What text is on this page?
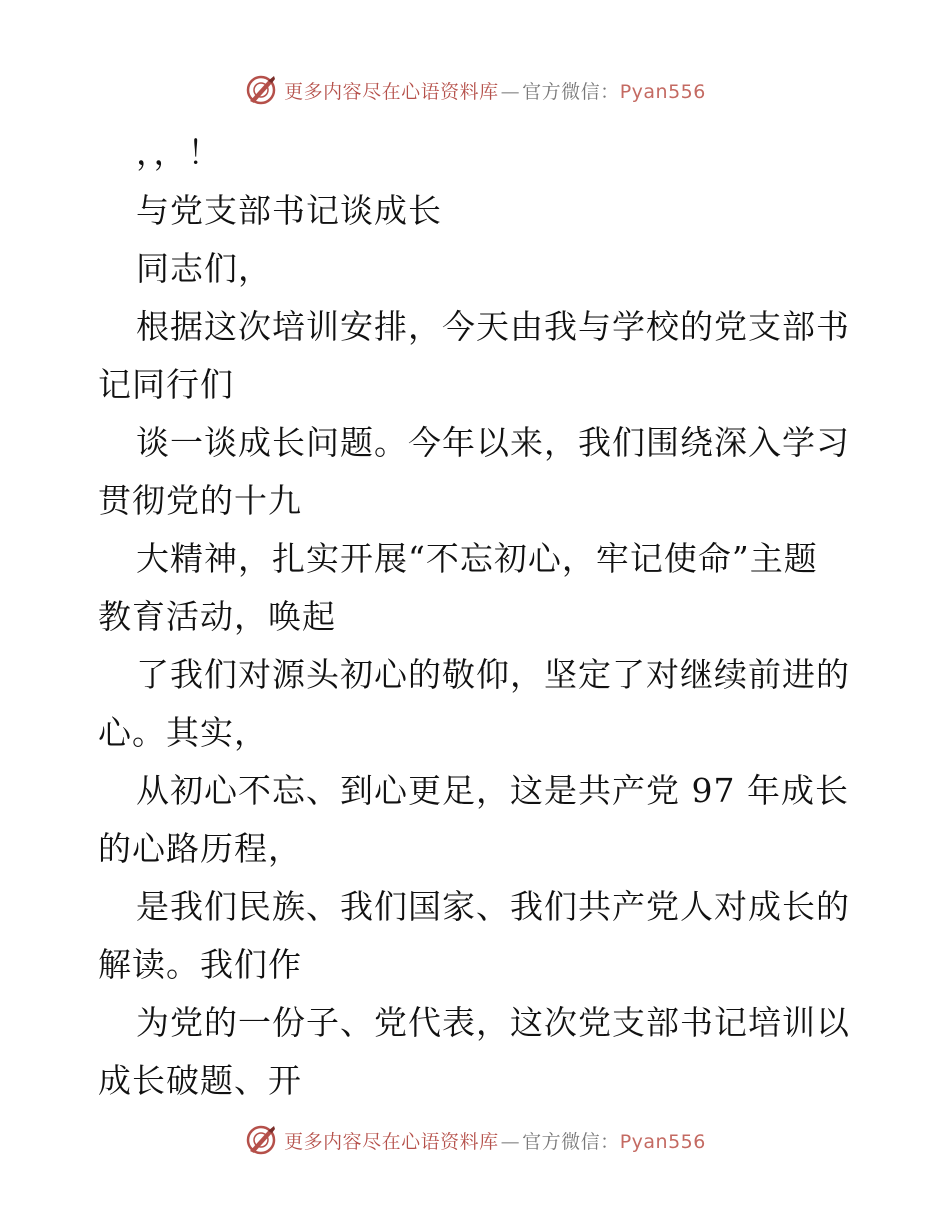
更多内容尽在心语资料库 — 官方微信：Pyan556

，，！

与党支部书记谈成长

同志们，

根据这次培训安排，今天由我与学校的党支部书

记同行们

谈一谈成长问题。今年以来，我们围绕深入学习

贯彻党的十九

大精神，扎实开展“不忘初心，牢记使命”主题

教育活动，唤起

了我们对源头初心的敬仰，坚定了对继续前进的

心。其实，

从初心不忘、到心更足，这是共产党 97 年成长

的心路历程，

是我们民族、我们国家、我们共产党人对成长的

解读。我们作

为党的一份子、党代表，这次党支部书记培训以

成长破题、开

更多内容尽在心语资料库 — 官方微信：Pyan556
